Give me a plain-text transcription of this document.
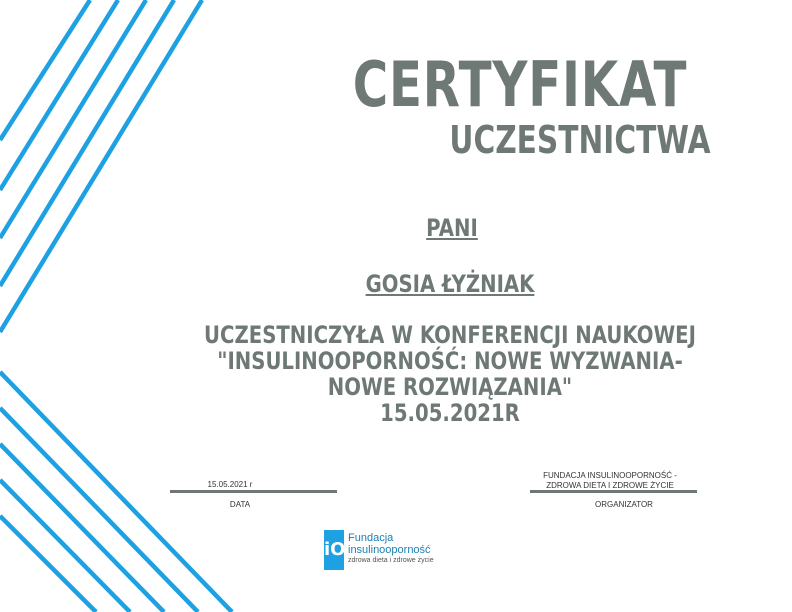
CERTYFIKAT
UCZESTNICTWA
PANI
GOSIA ŁYŻNIAK
UCZESTNICZYŁA W KONFERENCJI NAUKOWEJ
"INSULINOOPORNOŚĆ: NOWE WYZWANIA-
NOWE ROZWIĄZANIA"
15.05.2021R
15.05.2021 r
DATA
FUNDACJA INSULINOOPORNOŚĆ -
ZDROWA DIETA I ZDROWE ŻYCIE
ORGANIZATOR
iO
Fundacja
insulinooporność
zdrowa dieta i zdrowe życie
